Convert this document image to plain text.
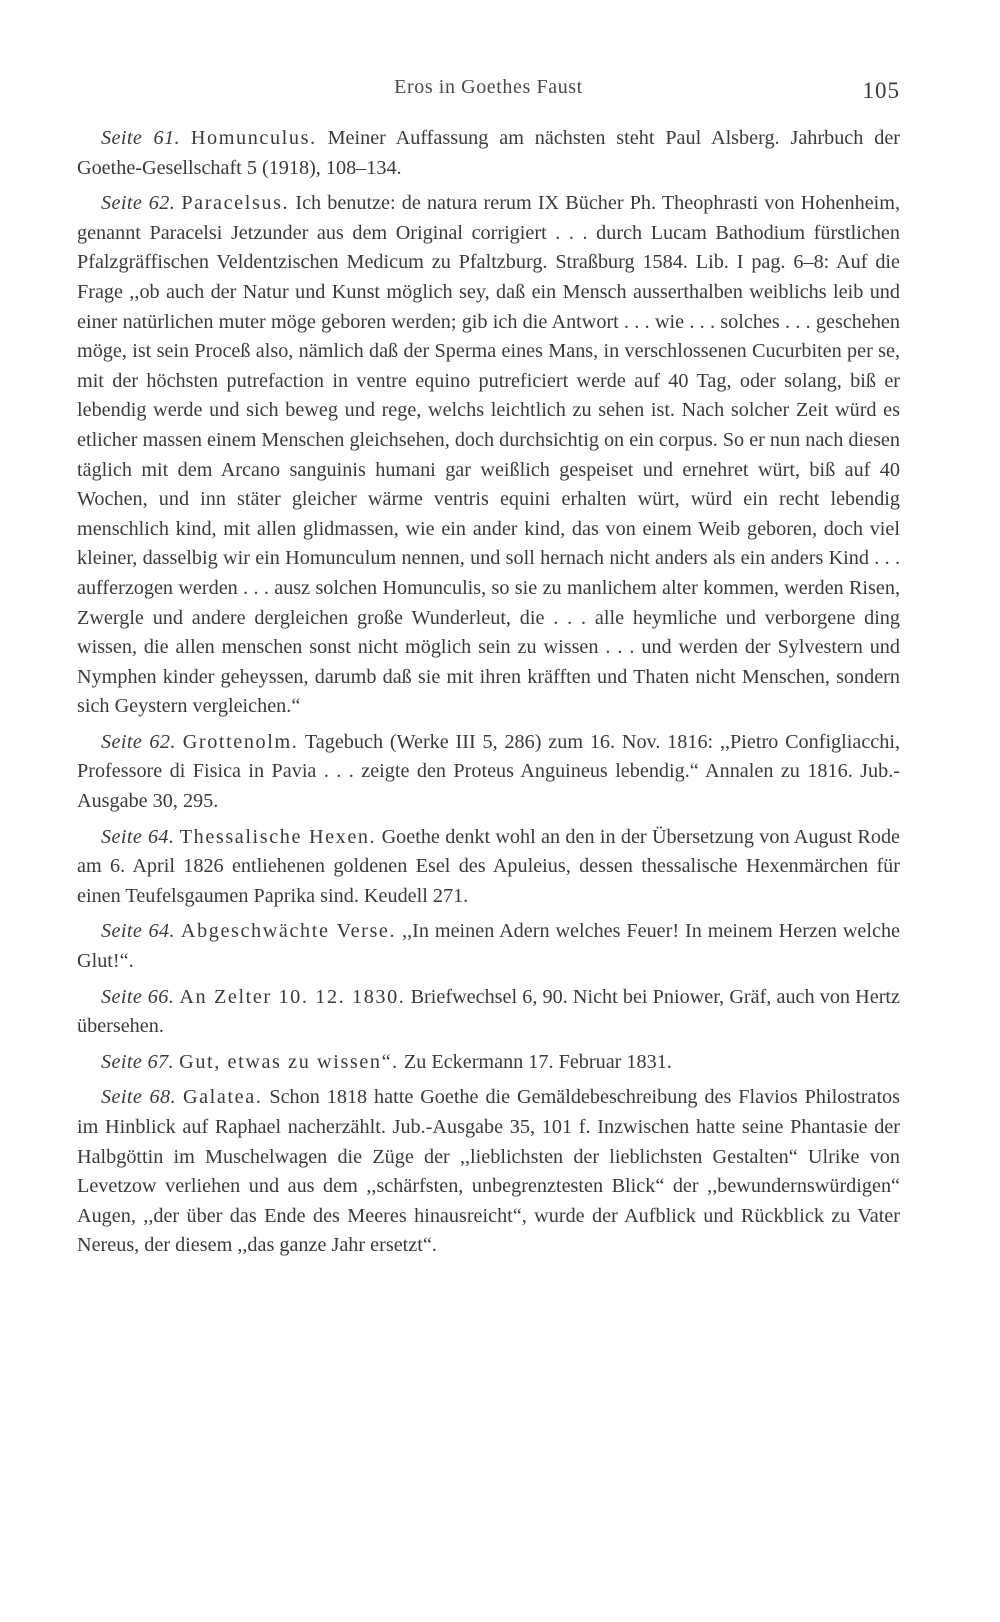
Eros in Goethes Faust	105

Seite 61. Homunculus. Meiner Auffassung am nächsten steht Paul Alsberg. Jahrbuch der Goethe-Gesellschaft 5 (1918), 108–134.

Seite 62. Paracelsus. Ich benutze: de natura rerum IX Bücher Ph. Theophrasti von Hohenheim, genannt Paracelsi Jetzunder aus dem Original corrigiert . . . durch Lucam Bathodium fürstlichen Pfalzgräffischen Veldentzischen Medicum zu Pfaltzburg. Straßburg 1584. Lib. I pag. 6–8: Auf die Frage ,,ob auch der Natur und Kunst möglich sey, daß ein Mensch ausserthalben weiblichs leib und einer natürlichen muter möge geboren werden; gib ich die Antwort . . . wie . . . solches . . . geschehen möge, ist sein Proceß also, nämlich daß der Sperma eines Mans, in verschlossenen Cucurbiten per se, mit der höchsten putrefaction in ventre equino putreficiert werde auf 40 Tag, oder solang, biß er lebendig werde und sich beweg und rege, welchs leichtlich zu sehen ist. Nach solcher Zeit würd es etlicher massen einem Menschen gleichsehen, doch durchsichtig on ein corpus. So er nun nach diesen täglich mit dem Arcano sanguinis humani gar weißlich gespeiset und ernehret würt, biß auf 40 Wochen, und inn stäter gleicher wärme ventris equini erhalten würt, würd ein recht lebendig menschlich kind, mit allen glidmassen, wie ein ander kind, das von einem Weib geboren, doch viel kleiner, dasselbig wir ein Homunculum nennen, und soll hernach nicht anders als ein anders Kind . . . aufferzogen werden . . . ausz solchen Homunculis, so sie zu manlichem alter kommen, werden Risen, Zwergle und andere dergleichen große Wunderleut, die . . . alle heymliche und verborgene ding wissen, die allen menschen sonst nicht möglich sein zu wissen . . . und werden der Sylvestern und Nymphen kinder geheyssen, darumb daß sie mit ihren kräfften und Thaten nicht Menschen, sondern sich Geystern vergleichen.“

Seite 62. Grottenolm. Tagebuch (Werke III 5, 286) zum 16. Nov. 1816: ,,Pietro Configliacchi, Professore di Fisica in Pavia . . . zeigte den Proteus Anguineus lebendig.“ Annalen zu 1816. Jub.-Ausgabe 30, 295.

Seite 64. Thessalische Hexen. Goethe denkt wohl an den in der Übersetzung von August Rode am 6. April 1826 entliehenen goldenen Esel des Apuleius, dessen thessalische Hexenmärchen für einen Teufelsgaumen Paprika sind. Keudell 271.

Seite 64. Abgeschwächte Verse. ,,In meinen Adern welches Feuer! In meinem Herzen welche Glut!“.

Seite 66. An Zelter 10. 12. 1830. Briefwechsel 6, 90. Nicht bei Pniower, Gräf, auch von Hertz übersehen.

Seite 67. Gut, etwas zu wissen“. Zu Eckermann 17. Februar 1831.

Seite 68. Galatea. Schon 1818 hatte Goethe die Gemäldebeschreibung des Flavios Philostratos im Hinblick auf Raphael nacherzählt. Jub.-Ausgabe 35, 101 f. Inzwischen hatte seine Phantasie der Halbgöttin im Muschelwagen die Züge der ,,lieblichsten der lieblichsten Gestalten“ Ulrike von Levetzow verliehen und aus dem ,,schärfsten, unbegrenztesten Blick“ der ,,bewundernswürdigen“ Augen, ,,der über das Ende des Meeres hinausreicht“, wurde der Aufblick und Rückblick zu Vater Nereus, der diesem ,,das ganze Jahr ersetzt“.
